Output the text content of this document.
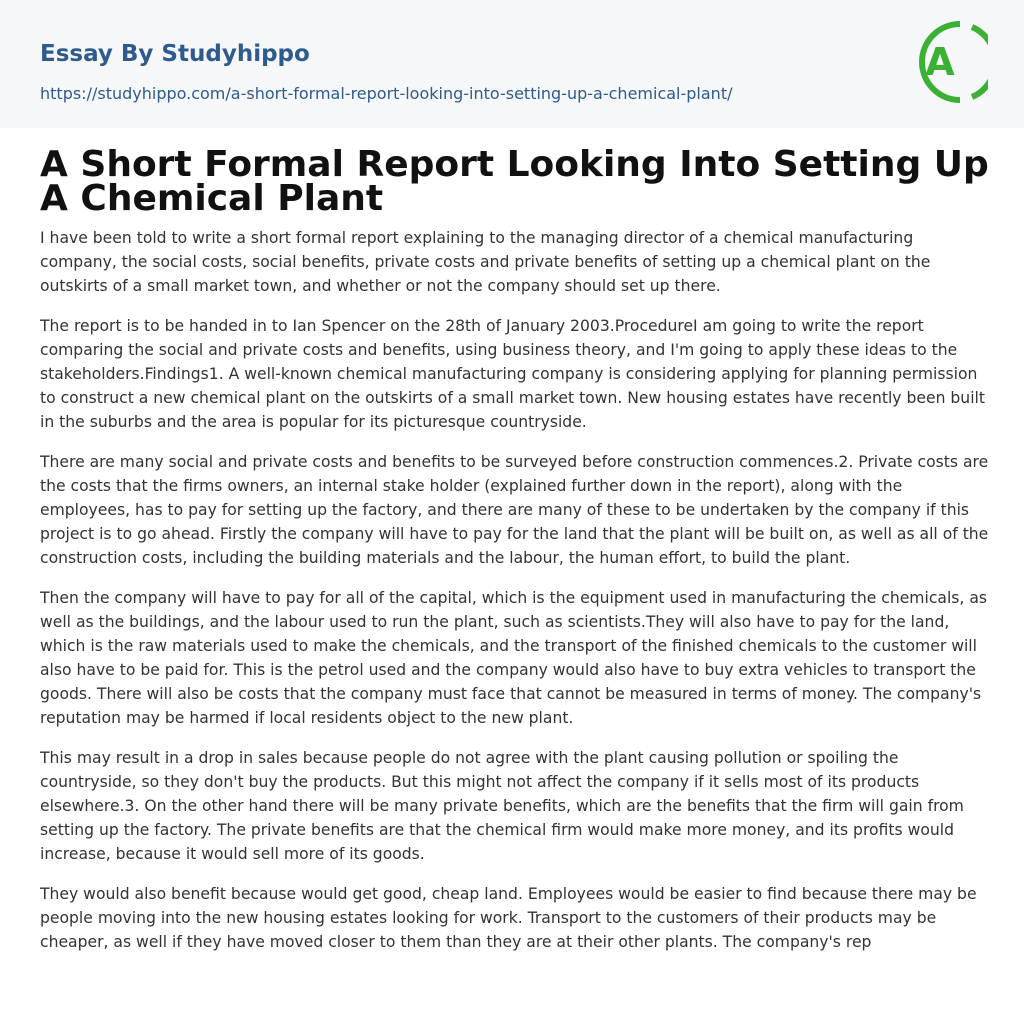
Essay By Studyhippo
https://studyhippo.com/a-short-formal-report-looking-into-setting-up-a-chemical-plant/
A
A Short Formal Report Looking Into Setting Up A Chemical Plant

I have been told to write a short formal report explaining to the managing director of a chemical manufacturing company, the social costs, social benefits, private costs and private benefits of setting up a chemical plant on the outskirts of a small market town, and whether or not the company should set up there.

The report is to be handed in to Ian Spencer on the 28th of January 2003.ProcedureI am going to write the report comparing the social and private costs and benefits, using business theory, and I'm going to apply these ideas to the stakeholders.Findings1. A well-known chemical manufacturing company is considering applying for planning permission to construct a new chemical plant on the outskirts of a small market town. New housing estates have recently been built in the suburbs and the area is popular for its picturesque countryside.

There are many social and private costs and benefits to be surveyed before construction commences.2. Private costs are the costs that the firms owners, an internal stake holder (explained further down in the report), along with the employees, has to pay for setting up the factory, and there are many of these to be undertaken by the company if this project is to go ahead. Firstly the company will have to pay for the land that the plant will be built on, as well as all of the construction costs, including the building materials and the labour, the human effort, to build the plant.

Then the company will have to pay for all of the capital, which is the equipment used in manufacturing the chemicals, as well as the buildings, and the labour used to run the plant, such as scientists.They will also have to pay for the land, which is the raw materials used to make the chemicals, and the transport of the finished chemicals to the customer will also have to be paid for. This is the petrol used and the company would also have to buy extra vehicles to transport the goods. There will also be costs that the company must face that cannot be measured in terms of money. The company's reputation may be harmed if local residents object to the new plant.

This may result in a drop in sales because people do not agree with the plant causing pollution or spoiling the countryside, so they don't buy the products. But this might not affect the company if it sells most of its products elsewhere.3. On the other hand there will be many private benefits, which are the benefits that the firm will gain from setting up the factory. The private benefits are that the chemical firm would make more money, and its profits would increase, because it would sell more of its goods.

They would also benefit because would get good, cheap land. Employees would be easier to find because there may be people moving into the new housing estates looking for work. Transport to the customers of their products may be cheaper, as well if they have moved closer to them than they are at their other plants. The company's rep
